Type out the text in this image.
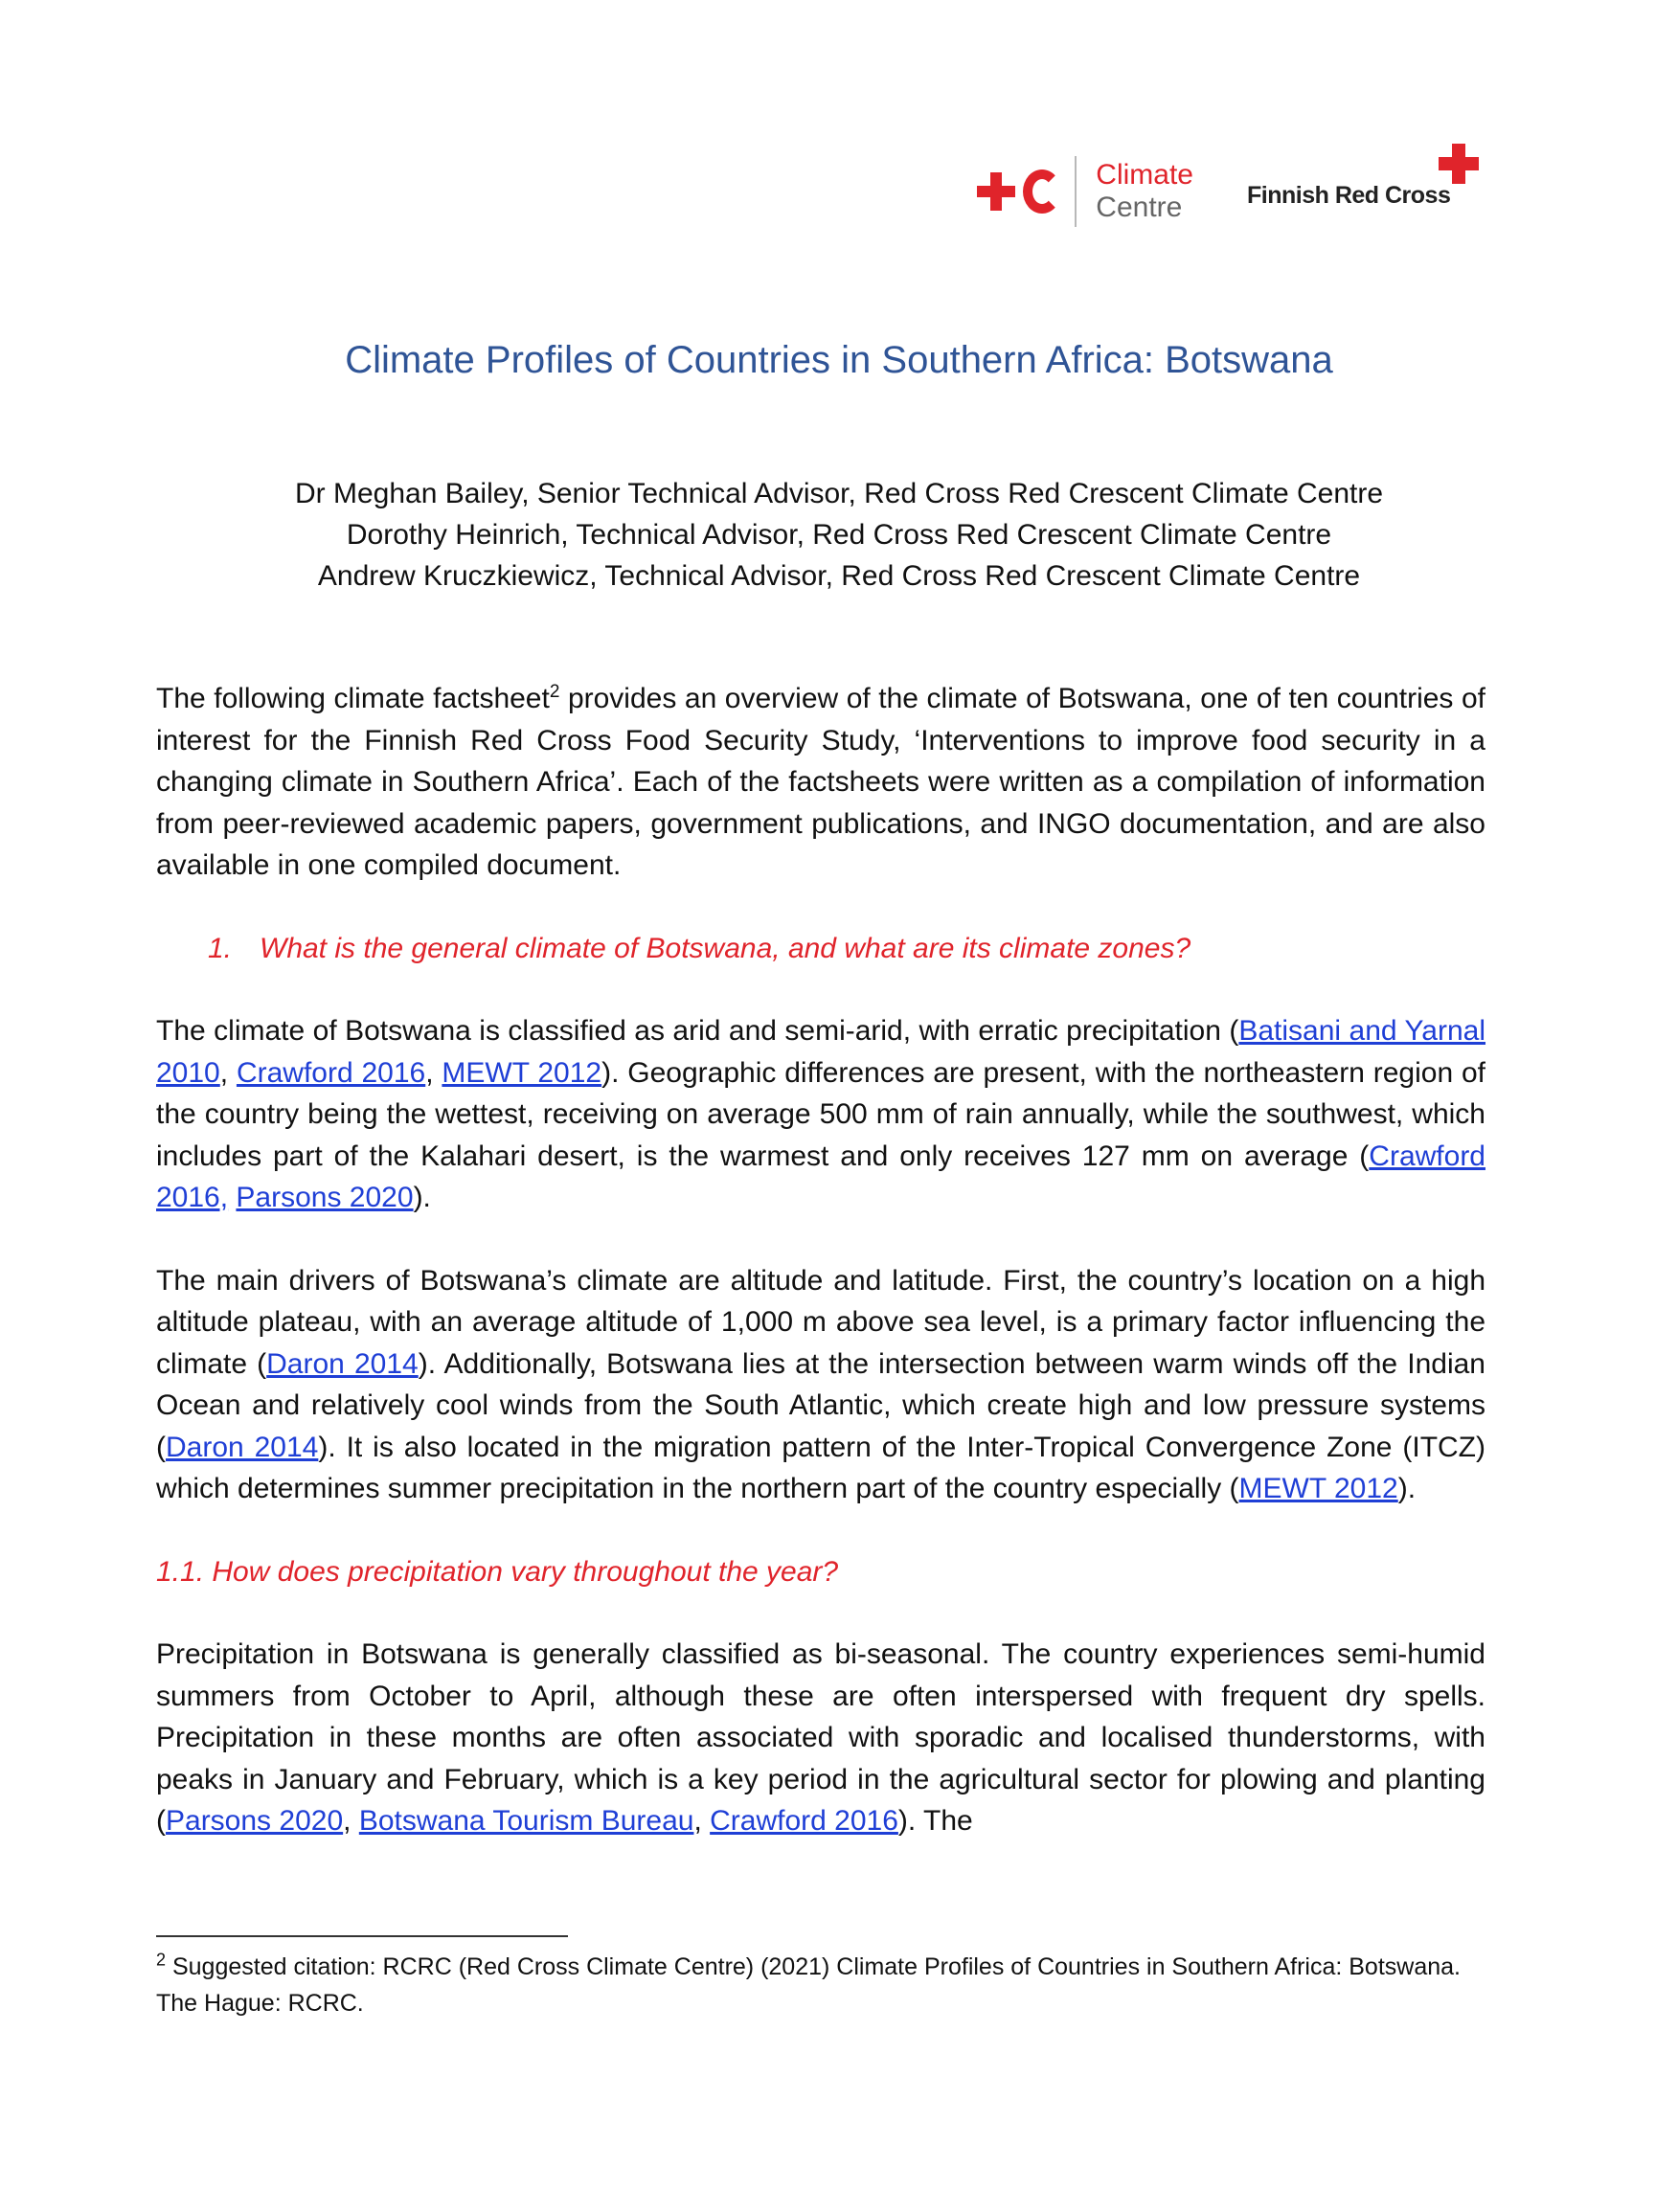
Climate
Centre	Finnish Red Cross
Climate Profiles of Countries in Southern Africa: Botswana
Dr Meghan Bailey, Senior Technical Advisor, Red Cross Red Crescent Climate Centre
Dorothy Heinrich, Technical Advisor, Red Cross Red Crescent Climate Centre
Andrew Kruczkiewicz, Technical Advisor, Red Cross Red Crescent Climate Centre

The following climate factsheet$^2$ provides an overview of the climate of Botswana, one of ten countries of interest for the Finnish Red Cross Food Security Study, ‘Interventions to improve food security in a changing climate in Southern Africa’. Each of the factsheets were written as a compilation of information from peer-reviewed academic papers, government publications, and INGO documentation, and are also available in one compiled document.

1. What is the general climate of Botswana, and what are its climate zones?

The climate of Botswana is classified as arid and semi-arid, with erratic precipitation (Batisani and Yarnal 2010, Crawford 2016, MEWT 2012). Geographic differences are present, with the northeastern region of the country being the wettest, receiving on average 500 mm of rain annually, while the southwest, which includes part of the Kalahari desert, is the warmest and only receives 127 mm on average (Crawford 2016, Parsons 2020).

The main drivers of Botswana’s climate are altitude and latitude. First, the country’s location on a high altitude plateau, with an average altitude of 1,000 m above sea level, is a primary factor influencing the climate (Daron 2014). Additionally, Botswana lies at the intersection between warm winds off the Indian Ocean and relatively cool winds from the South Atlantic, which create high and low pressure systems (Daron 2014). It is also located in the migration pattern of the Inter-Tropical Convergence Zone (ITCZ) which determines summer precipitation in the northern part of the country especially (MEWT 2012).

1.1. How does precipitation vary throughout the year?

Precipitation in Botswana is generally classified as bi-seasonal. The country experiences semi-humid summers from October to April, although these are often interspersed with frequent dry spells. Precipitation in these months are often associated with sporadic and localised thunderstorms, with peaks in January and February, which is a key period in the agricultural sector for plowing and planting (Parsons 2020, Botswana Tourism Bureau, Crawford 2016). The

$^2$ Suggested citation: RCRC (Red Cross Climate Centre) (2021) Climate Profiles of Countries in Southern Africa: Botswana. The Hague: RCRC.
